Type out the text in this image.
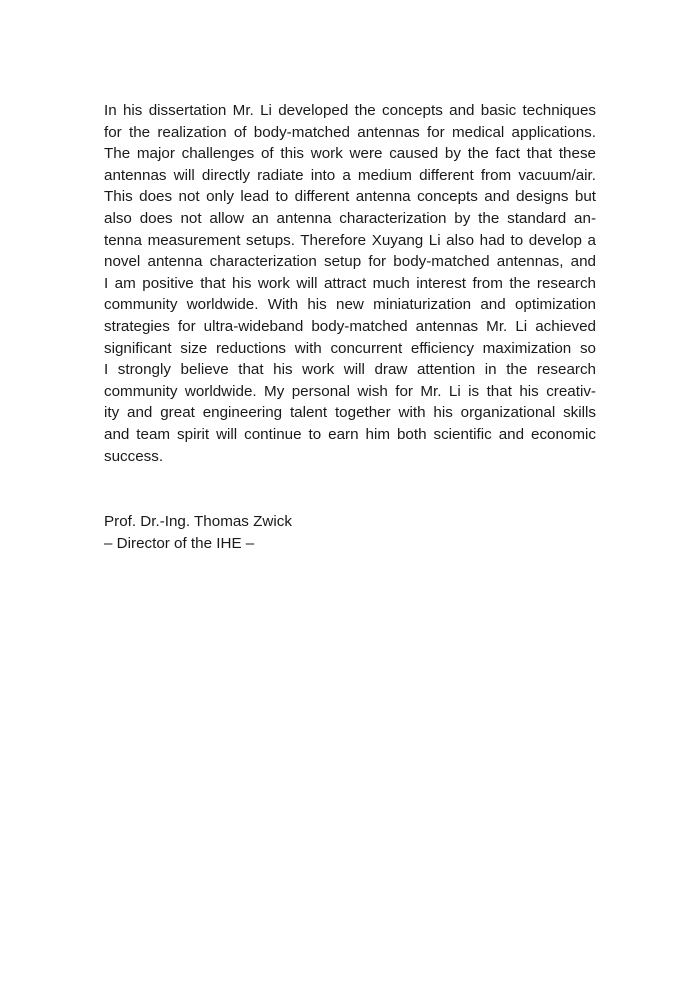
In his dissertation Mr. Li developed the concepts and basic techniques
for the realization of body-matched antennas for medical applications.
The major challenges of this work were caused by the fact that these
antennas will directly radiate into a medium different from vacuum/air.
This does not only lead to different antenna concepts and designs but
also does not allow an antenna characterization by the standard an-
tenna measurement setups. Therefore Xuyang Li also had to develop a
novel antenna characterization setup for body-matched antennas, and
I am positive that his work will attract much interest from the research
community worldwide. With his new miniaturization and optimization
strategies for ultra-wideband body-matched antennas Mr. Li achieved
significant size reductions with concurrent efficiency maximization so
I strongly believe that his work will draw attention in the research
community worldwide. My personal wish for Mr. Li is that his creativ-
ity and great engineering talent together with his organizational skills
and team spirit will continue to earn him both scientific and economic
success.
Prof. Dr.-Ing. Thomas Zwick
– Director of the IHE –
